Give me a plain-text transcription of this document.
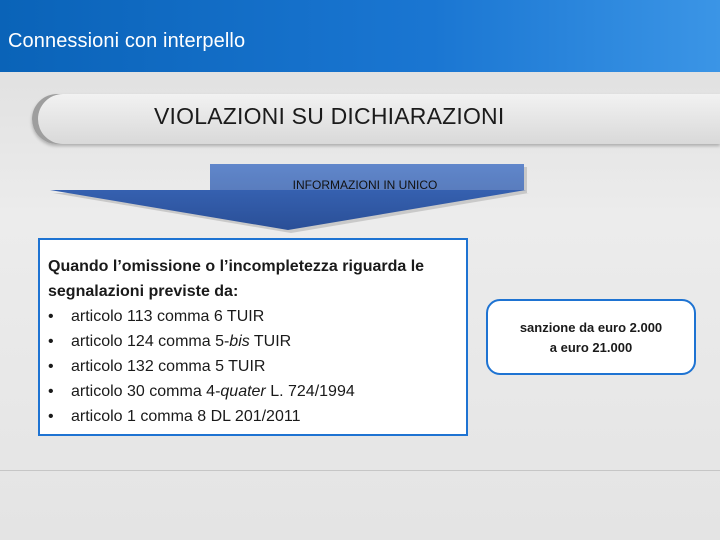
Connessioni con interpello
VIOLAZIONI SU DICHIARAZIONI
INFORMAZIONI IN UNICO
Quando l’omissione o l’incompletezza riguarda le segnalazioni previste da:
• articolo 113 comma 6 TUIR
• articolo 124 comma 5-bis TUIR
• articolo 132 comma 5 TUIR
• articolo 30 comma 4-quater L. 724/1994
• articolo 1 comma 8 DL 201/2011
sanzione da euro 2.000
a euro 21.000
